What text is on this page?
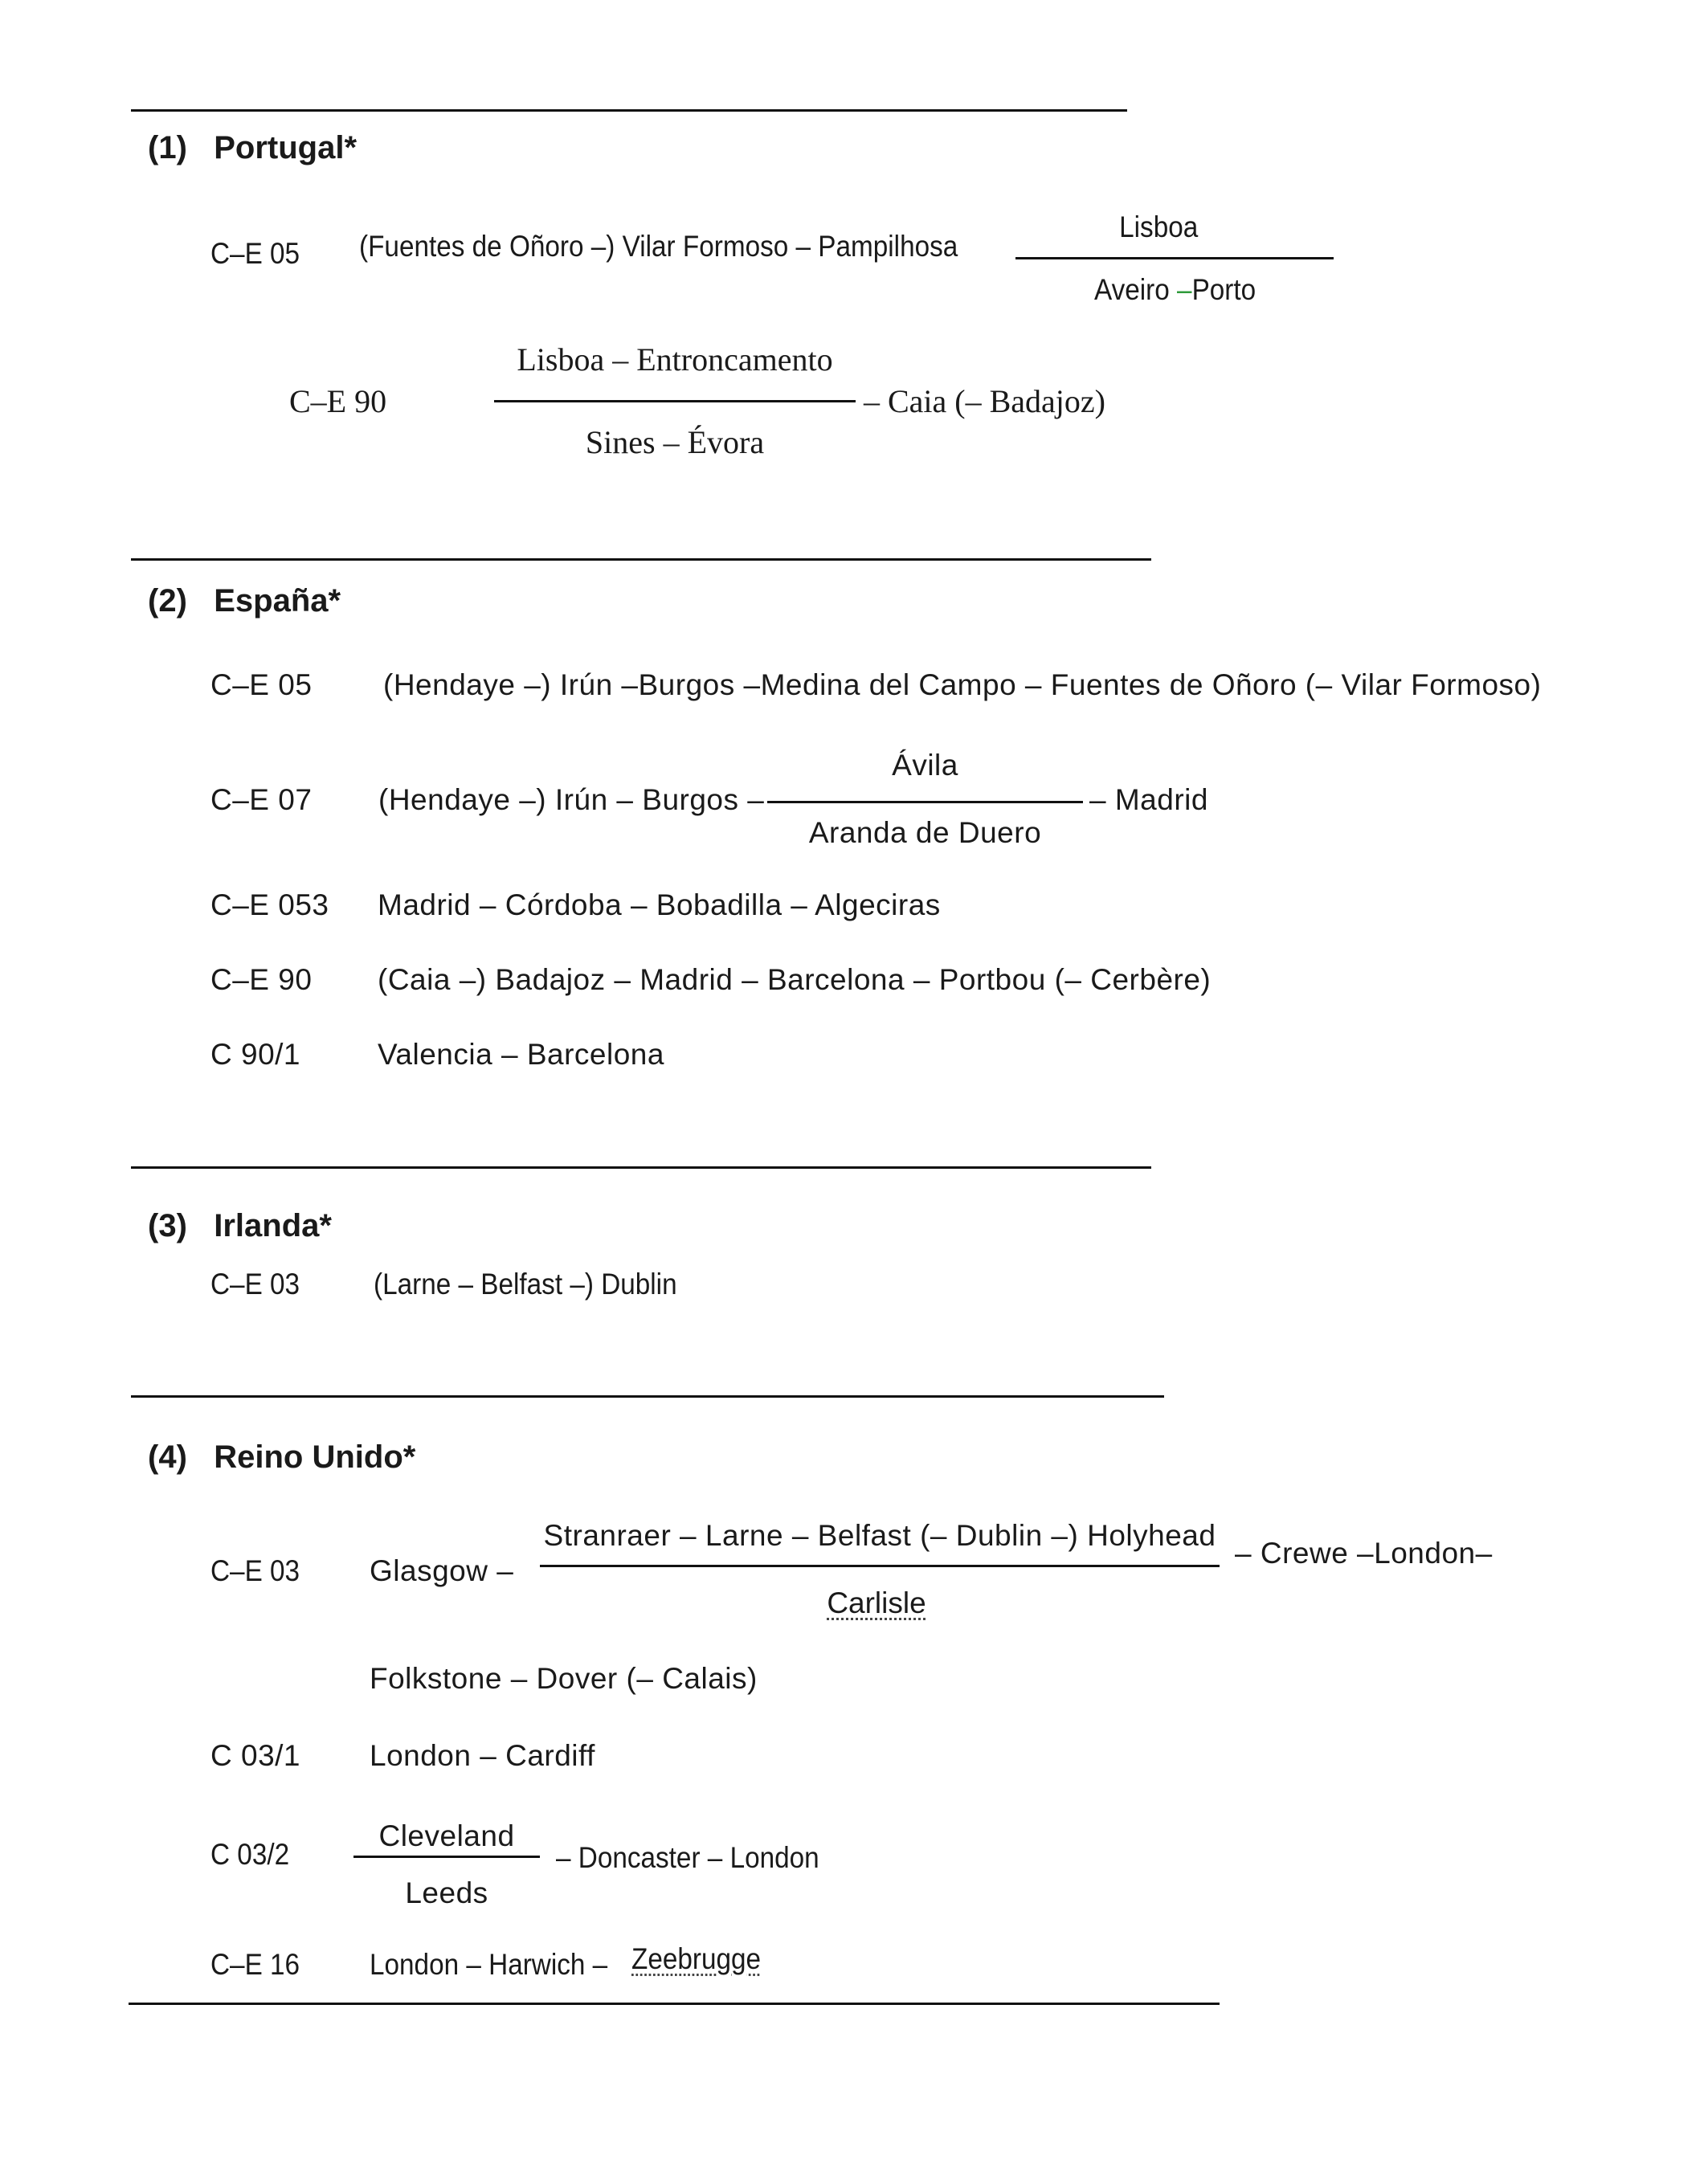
(1)   Portugal*
C–E 05 (Fuentes de Oñoro –) Vilar Formoso – Pampilhosa
Lisboa
Aveiro –Porto
C–E 90
Lisboa – Entroncamento
Sines – Évora
– Caia (– Badajoz)
(2)   España*
C–E 05 (Hendaye –) Irún –Burgos –Medina del Campo – Fuentes de Oñoro (– Vilar Formoso)
C–E 07 (Hendaye –) Irún – Burgos –
Ávila
Aranda de Duero
– Madrid
C–E 053 Madrid – Córdoba – Bobadilla – Algeciras
C–E 90 (Caia –) Badajoz – Madrid – Barcelona – Portbou (– Cerbère)
C 90/1	Valencia – Barcelona
(3)   Irlanda*
C–E 03 (Larne – Belfast –) Dublin
(4)   Reino Unido*
C–E 03 Glasgow –
Stranraer – Larne – Belfast (– Dublin –) Holyhead
Carlisle
– Crewe –London–
Folkstone – Dover (– Calais)
C 03/1 London – Cardiff
C 03/2
Cleveland
Leeds
– Doncaster – London
C–E 16 London – Harwich – Zeebrugge
